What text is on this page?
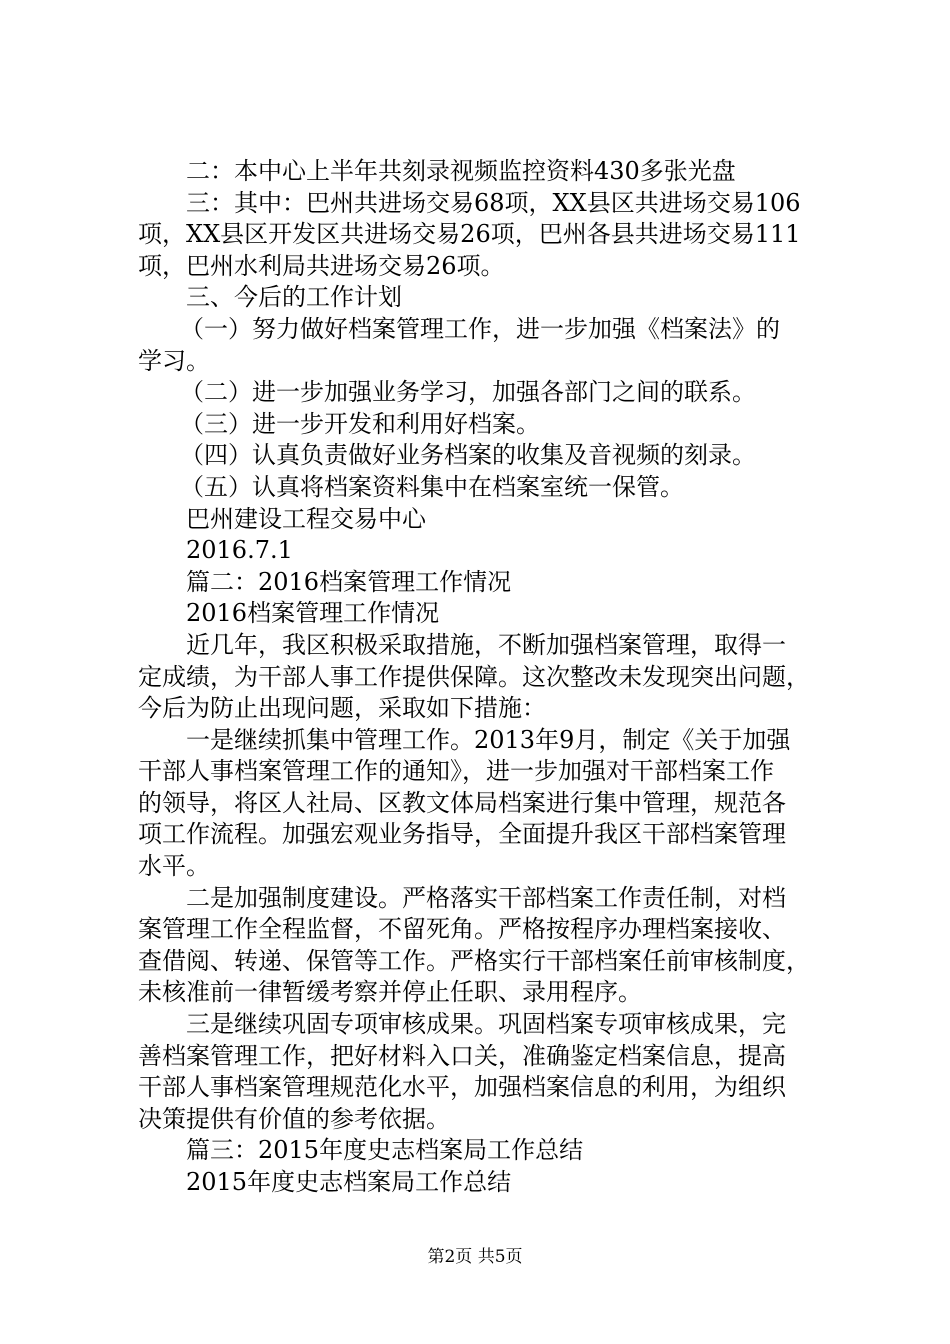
二：本中心上半年共刻录视频监控资料430多张光盘
三：其中：巴州共进场交易68项，XX县区共进场交易106
项，XX县区开发区共进场交易26项，巴州各县共进场交易111
项，巴州水利局共进场交易26项。
三、今后的工作计划
（一）努力做好档案管理工作，进一步加强《档案法》的
学习。
（二）进一步加强业务学习，加强各部门之间的联系。
（三）进一步开发和利用好档案。
（四）认真负责做好业务档案的收集及音视频的刻录。
（五）认真将档案资料集中在档案室统一保管。
巴州建设工程交易中心
2016.7.1
篇二：2016档案管理工作情况
2016档案管理工作情况
近几年，我区积极采取措施，不断加强档案管理，取得一
定成绩，为干部人事工作提供保障。这次整改未发现突出问题，
今后为防止出现问题，采取如下措施：
一是继续抓集中管理工作。2013年9月，制定《关于加强
干部人事档案管理工作的通知》，进一步加强对干部档案工作
的领导，将区人社局、区教文体局档案进行集中管理，规范各
项工作流程。加强宏观业务指导，全面提升我区干部档案管理
水平。
二是加强制度建设。严格落实干部档案工作责任制，对档
案管理工作全程监督，不留死角。严格按程序办理档案接收、
查借阅、转递、保管等工作。严格实行干部档案任前审核制度，
未核准前一律暂缓考察并停止任职、录用程序。
三是继续巩固专项审核成果。巩固档案专项审核成果，完
善档案管理工作，把好材料入口关，准确鉴定档案信息，提高
干部人事档案管理规范化水平，加强档案信息的利用，为组织
决策提供有价值的参考依据。
篇三：2015年度史志档案局工作总结
2015年度史志档案局工作总结
第2页 共5页
